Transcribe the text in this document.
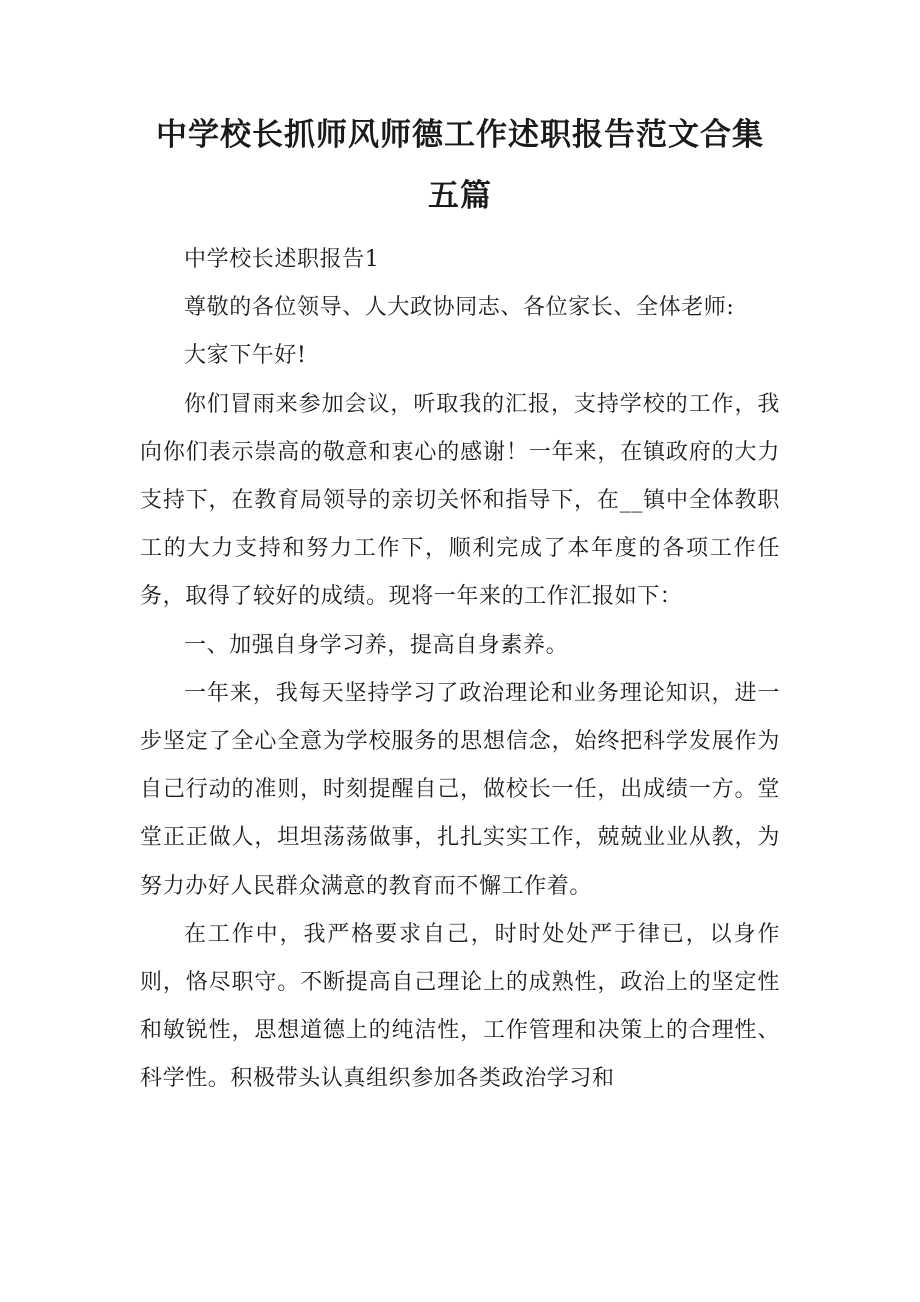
中学校长抓师风师德工作述职报告范文合集
五篇

中学校长述职报告1

尊敬的各位领导、人大政协同志、各位家长、全体老师:

大家下午好!

你们冒雨来参加会议，听取我的汇报，支持学校的工作，我向你们表示崇高的敬意和衷心的感谢！一年来，在镇政府的大力支持下，在教育局领导的亲切关怀和指导下，在__镇中全体教职工的大力支持和努力工作下，顺利完成了本年度的各项工作任务，取得了较好的成绩。现将一年来的工作汇报如下：

一、加强自身学习养，提高自身素养。

一年来，我每天坚持学习了政治理论和业务理论知识，进一步坚定了全心全意为学校服务的思想信念，始终把科学发展作为自己行动的准则，时刻提醒自己，做校长一任，出成绩一方。堂堂正正做人，坦坦荡荡做事，扎扎实实工作，兢兢业业从教，为努力办好人民群众满意的教育而不懈工作着。

在工作中，我严格要求自己，时时处处严于律已，以身作则，恪尽职守。不断提高自己理论上的成熟性，政治上的坚定性和敏锐性，思想道德上的纯洁性，工作管理和决策上的合理性、科学性。积极带头认真组织参加各类政治学习和
